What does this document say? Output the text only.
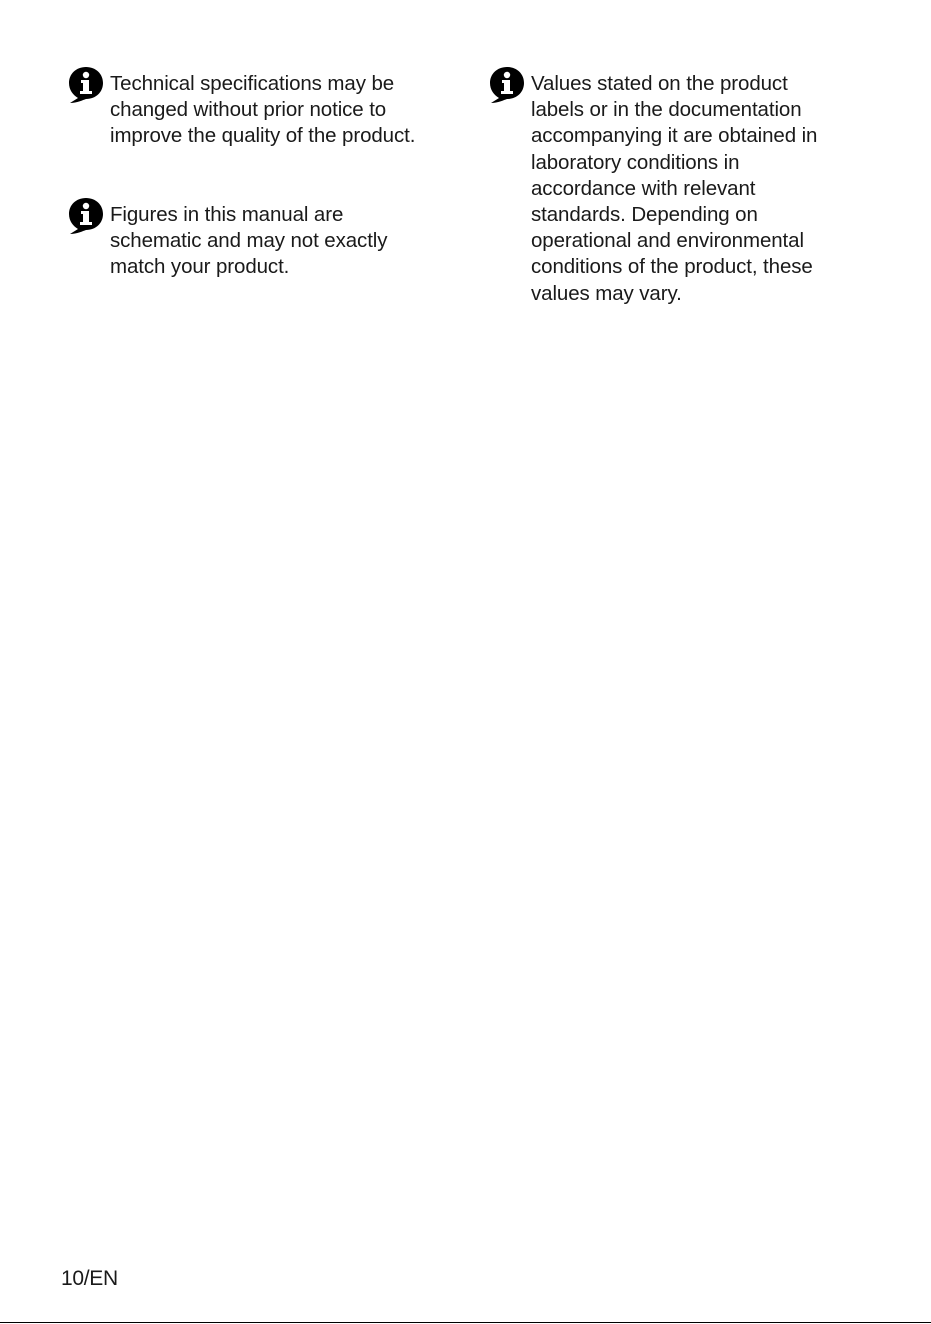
Technical specifications may be
changed without prior notice to
improve the quality of the product.
Figures in this manual are
schematic and may not exactly
match your product.
Values stated on the product
labels or in the documentation
accompanying it are obtained in
laboratory conditions in
accordance with relevant
standards. Depending on
operational and environmental
conditions of the product, these
values may vary.
10/EN
